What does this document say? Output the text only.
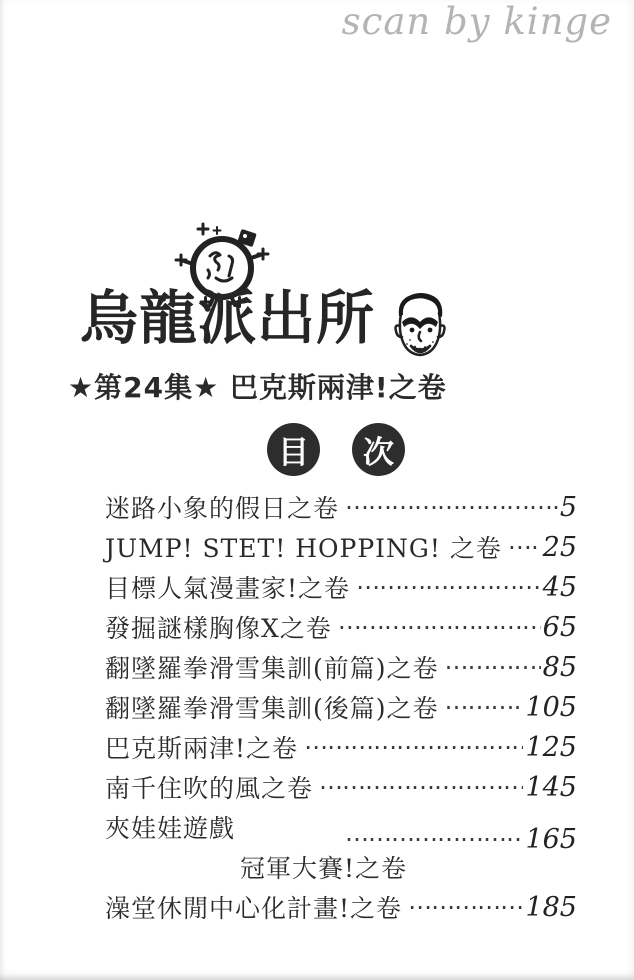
scan by kinge
烏龍派出所
★第24集★ 巴克斯兩津!之卷
目	次
迷路小象的假日之卷 ⋯⋯⋯⋯⋯⋯⋯⋯⋯⋯⋯⋯⋯⋯⋯⋯⋯⋯⋯⋯⋯⋯⋯⋯	5
JUMP! STET! HOPPING! 之卷 ⋯⋯⋯⋯⋯⋯⋯⋯⋯⋯⋯⋯⋯⋯⋯⋯⋯⋯⋯⋯⋯⋯⋯⋯ 25
目標人氣漫畫家!之卷 ⋯⋯⋯⋯⋯⋯⋯⋯⋯⋯⋯⋯⋯⋯⋯⋯⋯⋯⋯⋯⋯⋯⋯⋯	45
發掘謎樣胸像X之卷 ⋯⋯⋯⋯⋯⋯⋯⋯⋯⋯⋯⋯⋯⋯⋯⋯⋯⋯⋯⋯⋯⋯⋯⋯	65
翻墜羅拳滑雪集訓(前篇)之卷 ⋯⋯⋯⋯⋯⋯⋯⋯⋯⋯⋯⋯⋯⋯⋯⋯⋯⋯⋯⋯⋯⋯⋯⋯	85
翻墜羅拳滑雪集訓(後篇)之卷 ⋯⋯⋯⋯⋯⋯⋯⋯⋯⋯⋯⋯⋯⋯⋯⋯⋯⋯⋯⋯⋯⋯⋯⋯	105
巴克斯兩津!之卷 ⋯⋯⋯⋯⋯⋯⋯⋯⋯⋯⋯⋯⋯⋯⋯⋯⋯⋯⋯⋯⋯⋯⋯⋯	125
南千住吹的風之卷 ⋯⋯⋯⋯⋯⋯⋯⋯⋯⋯⋯⋯⋯⋯⋯⋯⋯⋯⋯⋯⋯⋯⋯⋯	145
夾娃娃遊戲 ⋯⋯⋯⋯⋯⋯⋯⋯⋯⋯⋯⋯⋯⋯⋯⋯⋯⋯⋯⋯⋯⋯⋯⋯	165
冠軍大賽!之卷
澡堂休閒中心化計畫!之卷 ⋯⋯⋯⋯⋯⋯⋯⋯⋯⋯⋯⋯⋯⋯⋯⋯⋯⋯⋯⋯⋯⋯⋯⋯	185
